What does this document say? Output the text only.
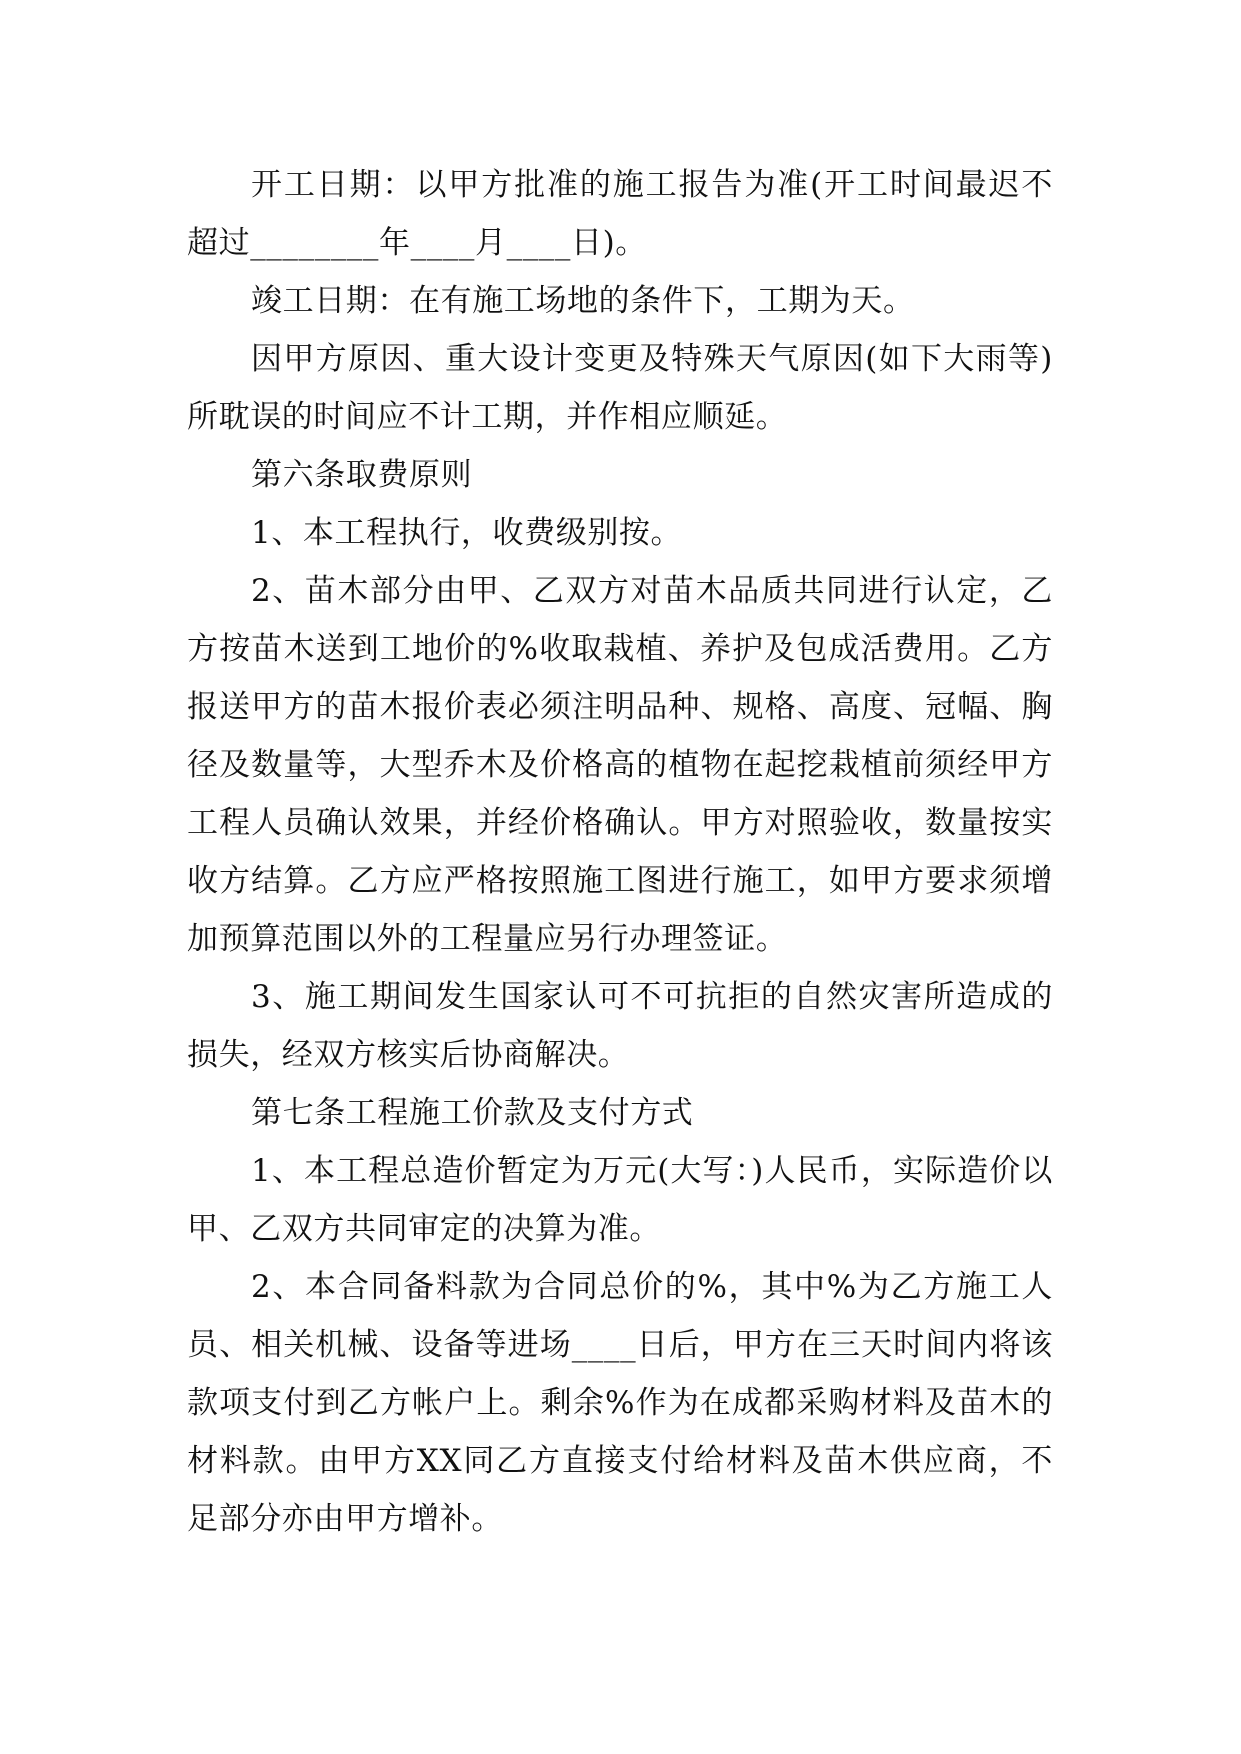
开工日期：以甲方批准的施工报告为准(开工时间最迟不超过________年____月____日)。

竣工日期：在有施工场地的条件下，工期为天。

因甲方原因、重大设计变更及特殊天气原因(如下大雨等)所耽误的时间应不计工期，并作相应顺延。

第六条取费原则

1、本工程执行，收费级别按。

2、苗木部分由甲、乙双方对苗木品质共同进行认定，乙方按苗木送到工地价的%收取栽植、养护及包成活费用。乙方报送甲方的苗木报价表必须注明品种、规格、高度、冠幅、胸径及数量等，大型乔木及价格高的植物在起挖栽植前须经甲方工程人员确认效果，并经价格确认。甲方对照验收，数量按实收方结算。乙方应严格按照施工图进行施工，如甲方要求须增加预算范围以外的工程量应另行办理签证。

3、施工期间发生国家认可不可抗拒的自然灾害所造成的损失，经双方核实后协商解决。

第七条工程施工价款及支付方式

1、本工程总造价暂定为万元(大写：)人民币，实际造价以甲、乙双方共同审定的决算为准。

2、本合同备料款为合同总价的%，其中%为乙方施工人员、相关机械、设备等进场____日后，甲方在三天时间内将该款项支付到乙方帐户上。剩余%作为在成都采购材料及苗木的材料款。由甲方XX同乙方直接支付给材料及苗木供应商，不足部分亦由甲方增补。
